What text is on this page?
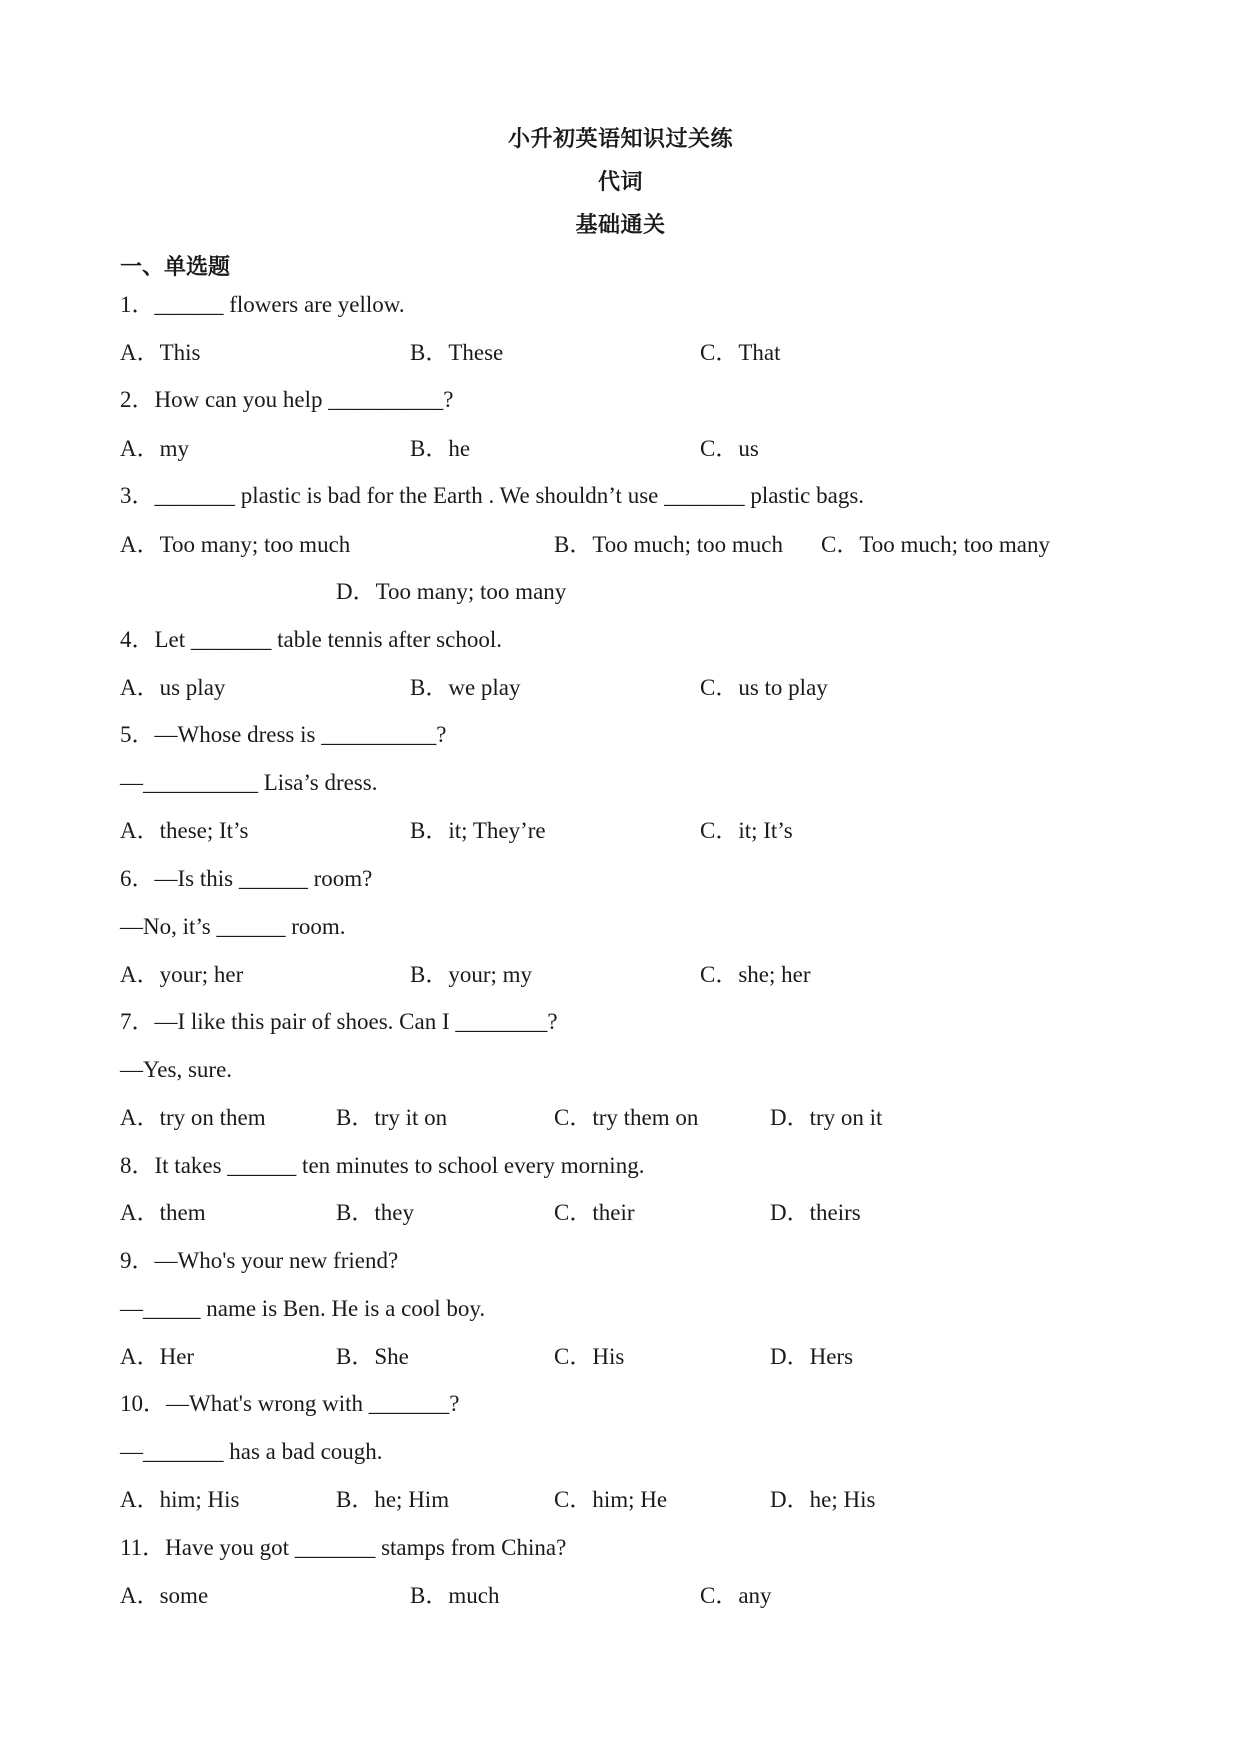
小升初英语知识过关练
代词
基础通关
一、单选题
1．______ flowers are yellow.
A．This	B．These	C．That
2．How can you help __________?
A．my	B．he	C．us
3．_______ plastic is bad for the Earth . We shouldn’t use _______ plastic bags.
A．Too many; too much	B．Too much; too much C．Too much; too many
D．Too many; too many
4．Let _______ table tennis after school.
A．us play	B．we play	C．us to play
5．—Whose dress is __________?
—__________ Lisa’s dress.
A．these; It’s	B．it; They’re	C．it; It’s
6．—Is this ______ room?
—No, it’s ______ room.
A．your; her	B．your; my	C．she; her
7．—I like this pair of shoes. Can I ________?
—Yes, sure.
A．try on them	B．try it on	C．try them on	D．try on it
8．It takes ______ ten minutes to school every morning.
A．them	B．they	C．their	D．theirs
9．—Who's your new friend?
—_____ name is Ben. He is a cool boy.
A．Her	B．She	C．His	D．Hers
10．—What's wrong with _______?
—_______ has a bad cough.
A．him; His	B．he; Him	C．him; He	D．he; His
11．Have you got _______ stamps from China?
A．some	B．much	C．any
